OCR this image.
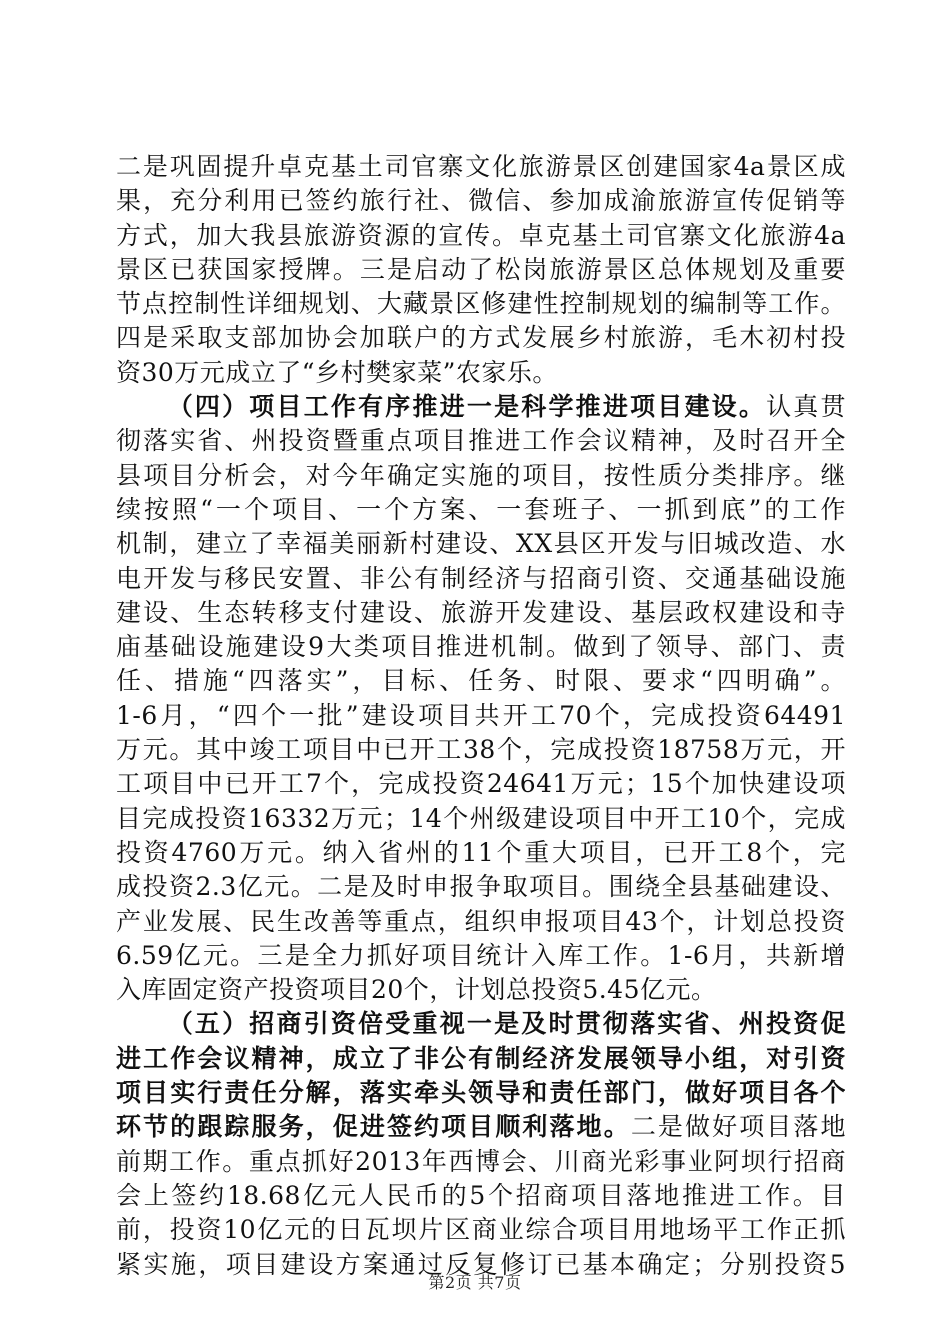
二是巩固提升卓克基土司官寨文化旅游景区创建国家4a景区成
果，充分利用已签约旅行社、微信、参加成渝旅游宣传促销等
方式，加大我县旅游资源的宣传。卓克基土司官寨文化旅游4a
景区已获国家授牌。三是启动了松岗旅游景区总体规划及重要
节点控制性详细规划、大藏景区修建性控制规划的编制等工作。
四是采取支部加协会加联户的方式发展乡村旅游，毛木初村投
资30万元成立了“乡村樊家菜”农家乐。
（四）项目工作有序推进一是科学推进项目建设。认真贯
彻落实省、州投资暨重点项目推进工作会议精神，及时召开全
县项目分析会，对今年确定实施的项目，按性质分类排序。继
续按照“一个项目、一个方案、一套班子、一抓到底”的工作
机制，建立了幸福美丽新村建设、XX县区开发与旧城改造、水
电开发与移民安置、非公有制经济与招商引资、交通基础设施
建设、生态转移支付建设、旅游开发建设、基层政权建设和寺
庙基础设施建设9大类项目推进机制。做到了领导、部门、责
任、措施“四落实”，目标、任务、时限、要求“四明确”。
1-6月，“四个一批”建设项目共开工70个，完成投资64491
万元。其中竣工项目中已开工38个，完成投资18758万元，开
工项目中已开工7个，完成投资24641万元；15个加快建设项
目完成投资16332万元；14个州级建设项目中开工10个，完成
投资4760万元。纳入省州的11个重大项目，已开工8个，完
成投资2.3亿元。二是及时申报争取项目。围绕全县基础建设、
产业发展、民生改善等重点，组织申报项目43个，计划总投资
6.59亿元。三是全力抓好项目统计入库工作。1-6月，共新增
入库固定资产投资项目20个，计划总投资5.45亿元。
（五）招商引资倍受重视一是及时贯彻落实省、州投资促
进工作会议精神，成立了非公有制经济发展领导小组，对引资
项目实行责任分解，落实牵头领导和责任部门，做好项目各个
环节的跟踪服务，促进签约项目顺利落地。二是做好项目落地
前期工作。重点抓好2013年西博会、川商光彩事业阿坝行招商
会上签约18.68亿元人民币的5个招商项目落地推进工作。目
前，投资10亿元的日瓦坝片区商业综合项目用地场平工作正抓
紧实施，项目建设方案通过反复修订已基本确定；分别投资5
第2页 共7页
